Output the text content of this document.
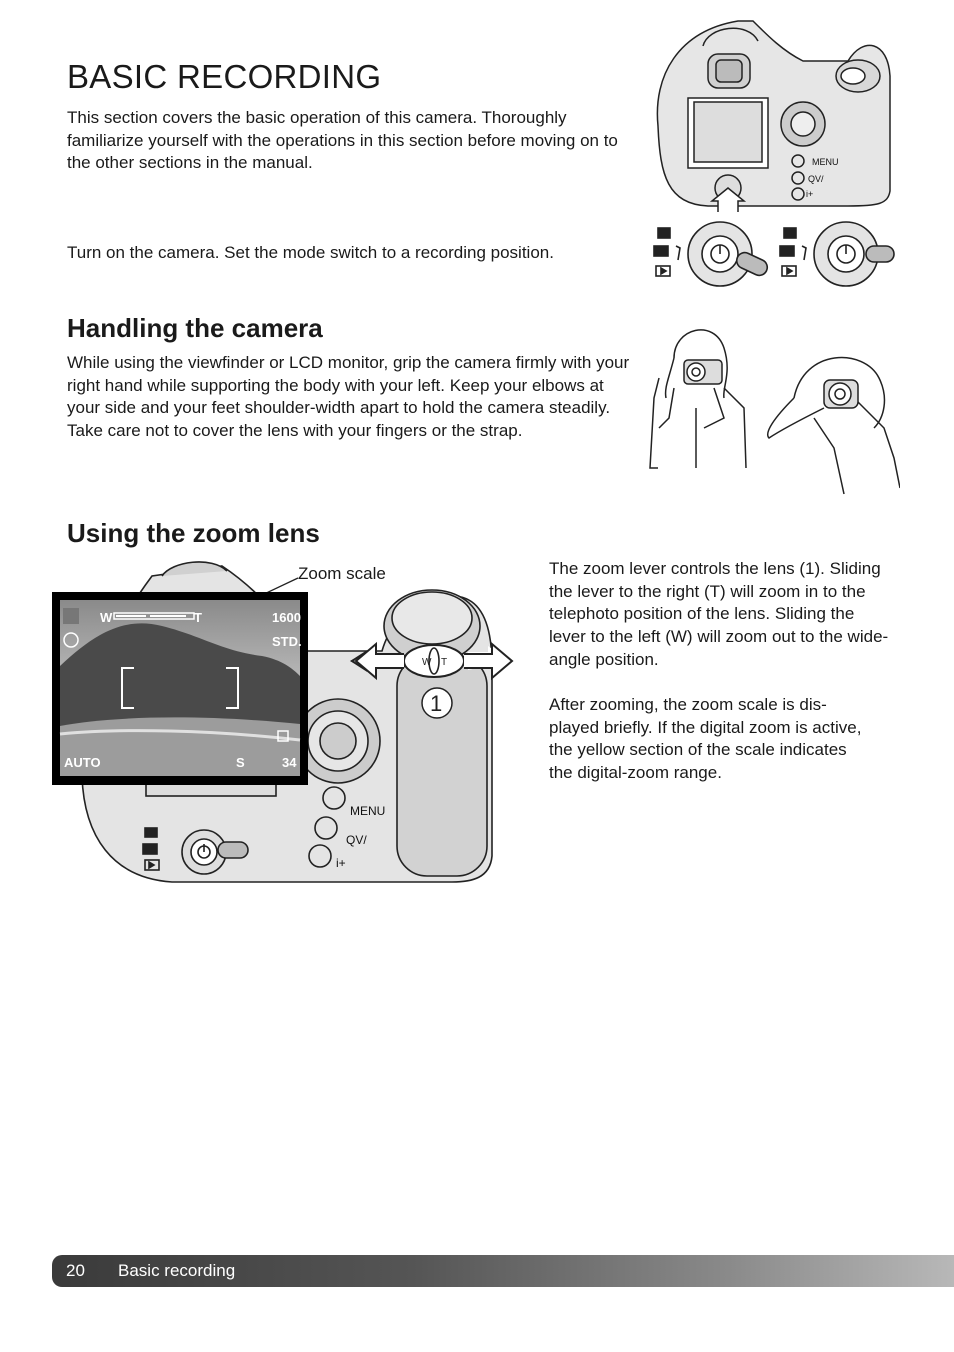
BASIC RECORDING

This section covers the basic operation of this camera. Thoroughly familiarize yourself with the operations in this section before moving on to the other sections in the manual.

Turn on the camera. Set the mode switch to a recording position.

MENU
QV/
i+
Handling the camera

While using the viewfinder or LCD monitor, grip the camera firmly with your right hand while supporting the body with your left. Keep your elbows at your side and your feet shoulder-width apart to hold the camera steadily. Take care not to cover the lens with your fingers or the strap.

Using the zoom lens

Zoom scale

W T
1
MENU
QV/
i+
W	T	1600
STD.
AUTO	S	34

The zoom lever controls the lens (1). Sliding the lever to the right (T) will zoom in to the telephoto position of the lens. Sliding the lever to the left (W) will zoom out to the wide-angle position.

After zooming, the zoom scale is dis-played briefly. If the digital zoom is active, the yellow section of the scale indicates the digital-zoom range.

20 Basic recording
